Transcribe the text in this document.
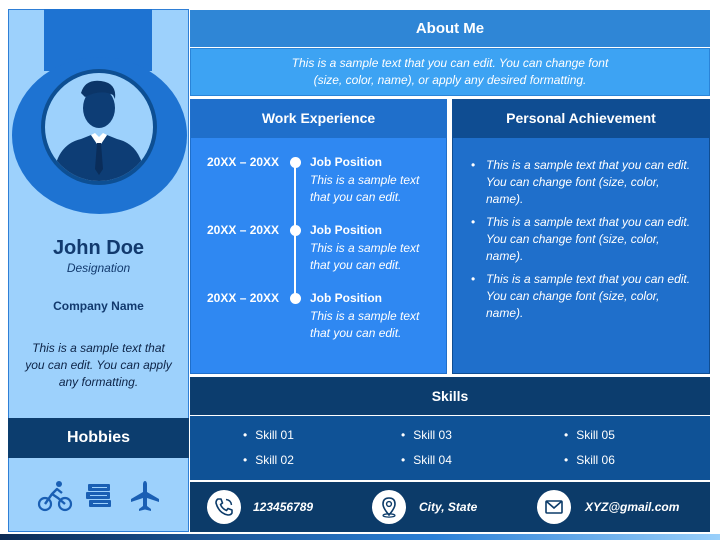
John Doe
Designation
Company Name
This is a sample text that you can edit. You can apply any formatting.
Hobbies
About Me
This is a sample text that you can edit. You can change font (size, color, name), or apply any desired formatting.
Work Experience
20XX – 20XX	Job Position
This is a sample text that you can edit.
20XX – 20XX	Job Position
This is a sample text that you can edit.
20XX – 20XX	Job Position
This is a sample text that you can edit.
Personal Achievement
• This is a sample text that you can edit. You can change font (size, color, name).
• This is a sample text that you can edit. You can change font (size, color, name).
• This is a sample text that you can edit. You can change font (size, color, name).
Skills
• Skill 01
• Skill 02
• Skill 03
• Skill 04
• Skill 05
• Skill 06
123456789	City, State	XYZ@gmail.com
